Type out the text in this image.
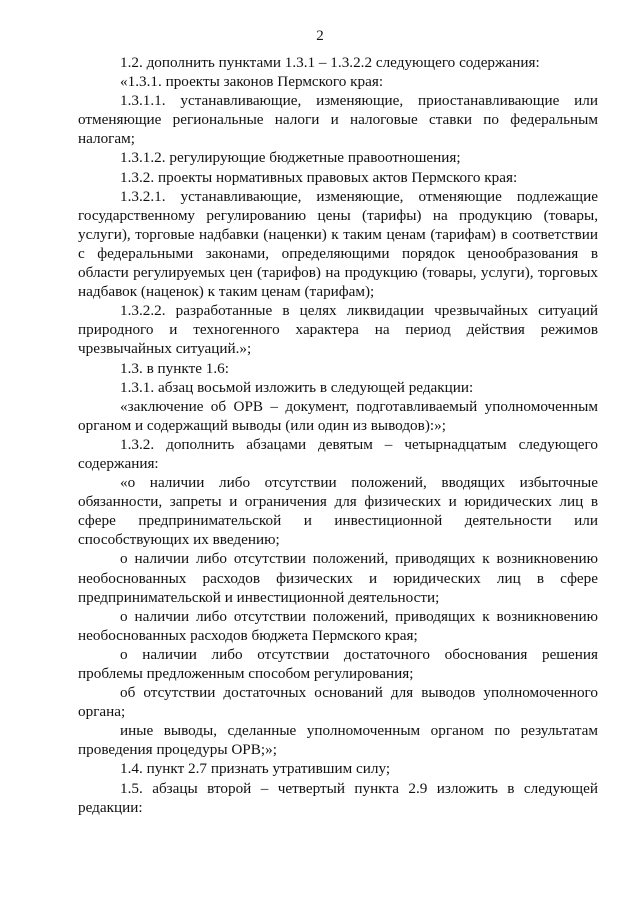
2

1.2. дополнить пунктами 1.3.1 – 1.3.2.2 следующего содержания:

«1.3.1. проекты законов Пермского края:

1.3.1.1. устанавливающие, изменяющие, приостанавливающие или отменяющие региональные налоги и налоговые ставки по федеральным налогам;

1.3.1.2. регулирующие бюджетные правоотношения;

1.3.2. проекты нормативных правовых актов Пермского края:

1.3.2.1. устанавливающие, изменяющие, отменяющие подлежащие государственному регулированию цены (тарифы) на продукцию (товары, услуги), торговые надбавки (наценки) к таким ценам (тарифам) в соответствии с федеральными законами, определяющими порядок ценообразования в области регулируемых цен (тарифов) на продукцию (товары, услуги), торговых надбавок (наценок) к таким ценам (тарифам);

1.3.2.2. разработанные в целях ликвидации чрезвычайных ситуаций природного и техногенного характера на период действия режимов чрезвычайных ситуаций.»;

1.3. в пункте 1.6:

1.3.1. абзац восьмой изложить в следующей редакции:

«заключение об ОРВ – документ, подготавливаемый уполномоченным органом и содержащий выводы (или один из выводов):»;

1.3.2. дополнить абзацами девятым – четырнадцатым следующего содержания:

«о наличии либо отсутствии положений, вводящих избыточные обязанности, запреты и ограничения для физических и юридических лиц в сфере предпринимательской и инвестиционной деятельности или способствующих их введению;

о наличии либо отсутствии положений, приводящих к возникновению необоснованных расходов физических и юридических лиц в сфере предпринимательской и инвестиционной деятельности;

о наличии либо отсутствии положений, приводящих к возникновению необоснованных расходов бюджета Пермского края;

о наличии либо отсутствии достаточного обоснования решения проблемы предложенным способом регулирования;

об отсутствии достаточных оснований для выводов уполномоченного органа;

иные выводы, сделанные уполномоченным органом по результатам проведения процедуры ОРВ;»;

1.4. пункт 2.7 признать утратившим силу;

1.5. абзацы второй – четвертый пункта 2.9 изложить в следующей редакции:
